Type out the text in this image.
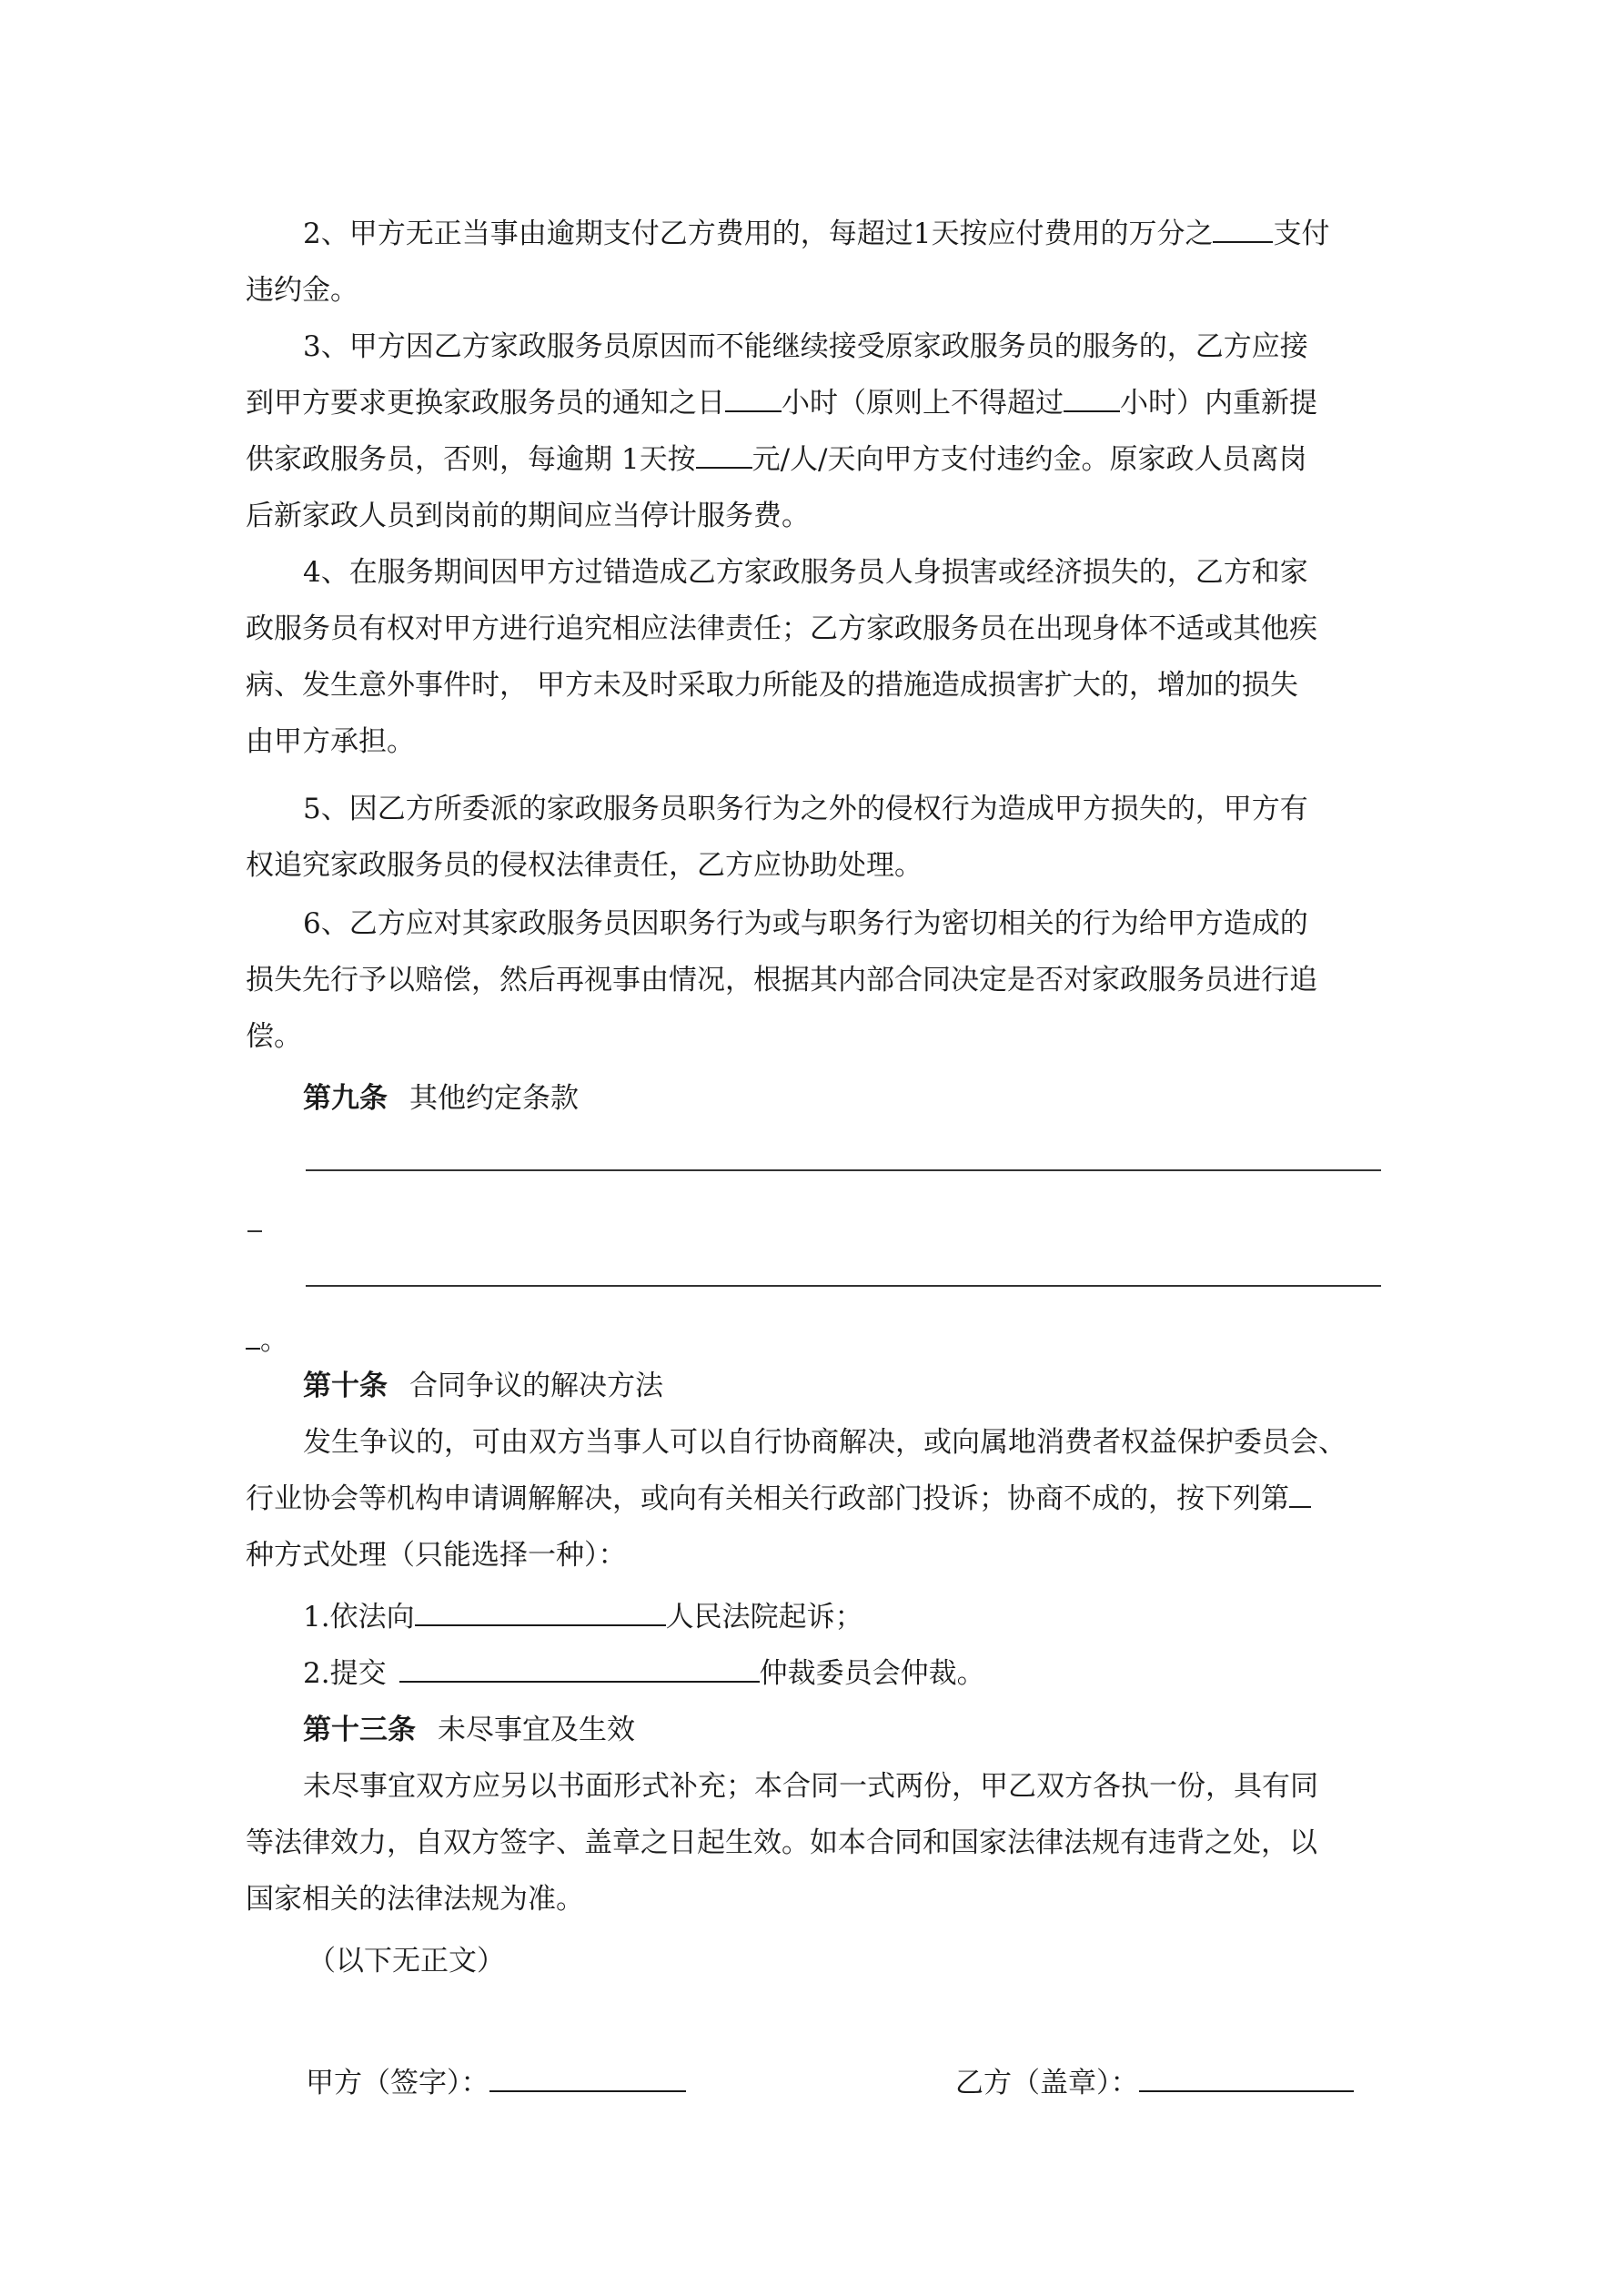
2、甲方无正当事由逾期支付乙方费用的，每超过1天按应付费用的万分之 支付
违约金。
3、甲方因乙方家政服务员原因而不能继续接受原家政服务员的服务的，乙方应接
到甲方要求更换家政服务员的通知之日 小时（原则上不得超过 小时）内重新提
供家政服务员，否则，每逾期 1天按 元/人/天向甲方支付违约金。原家政人员离岗
后新家政人员到岗前的期间应当停计服务费。
4、在服务期间因甲方过错造成乙方家政服务员人身损害或经济损失的，乙方和家
政服务员有权对甲方进行追究相应法律责任；乙方家政服务员在出现身体不适或其他疾
病、发生意外事件时， 甲方未及时采取力所能及的措施造成损害扩大的，增加的损失
由甲方承担。
5、因乙方所委派的家政服务员职务行为之外的侵权行为造成甲方损失的，甲方有
权追究家政服务员的侵权法律责任，乙方应协助处理。
6、乙方应对其家政服务员因职务行为或与职务行为密切相关的行为给甲方造成的
损失先行予以赔偿，然后再视事由情况，根据其内部合同决定是否对家政服务员进行追
偿。
第九条 其他约定条款
。
第十条 合同争议的解决方法
发生争议的，可由双方当事人可以自行协商解决，或向属地消费者权益保护委员会、
行业协会等机构申请调解解决，或向有关相关行政部门投诉；协商不成的，按下列第
种方式处理（只能选择一种）：
1.依法向	人民法院起诉；
2.提交	仲裁委员会仲裁。
第十三条 未尽事宜及生效
未尽事宜双方应另以书面形式补充；本合同一式两份，甲乙双方各执一份，具有同
等法律效力，自双方签字、盖章之日起生效。如本合同和国家法律法规有违背之处，以
国家相关的法律法规为准。
（以下无正文）
甲方（签字）：	乙方（盖章）：
